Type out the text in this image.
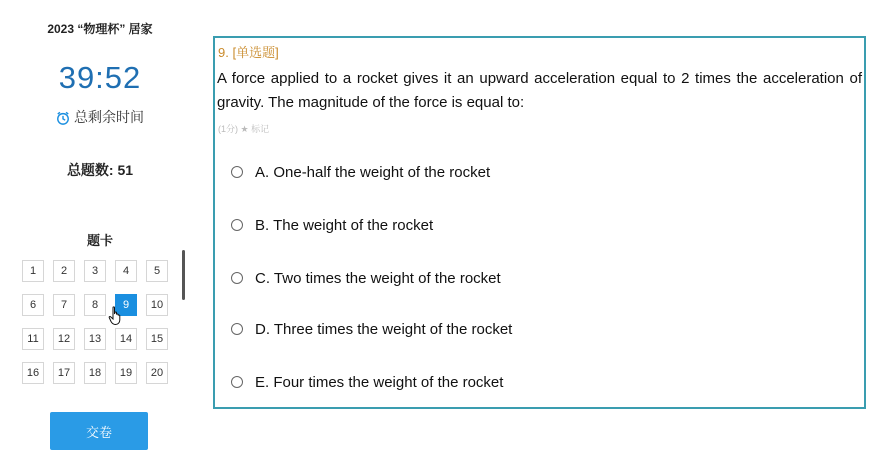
2023 “物理杯” 居家
39:52
总剩余时间
总题数: 51
题卡
1	2	3	4	5
6	7	8	9	10
11	12	13	14	15
16	17	18	19	20
交卷
9. [单选题]
A force applied to a rocket gives it an upward acceleration equal to 2 times the acceleration of gravity. The magnitude of the force is equal to:
(1分) ★ 标记
A. One-half the weight of the rocket
B. The weight of the rocket
C. Two times the weight of the rocket
D. Three times the weight of the rocket
E. Four times the weight of the rocket
